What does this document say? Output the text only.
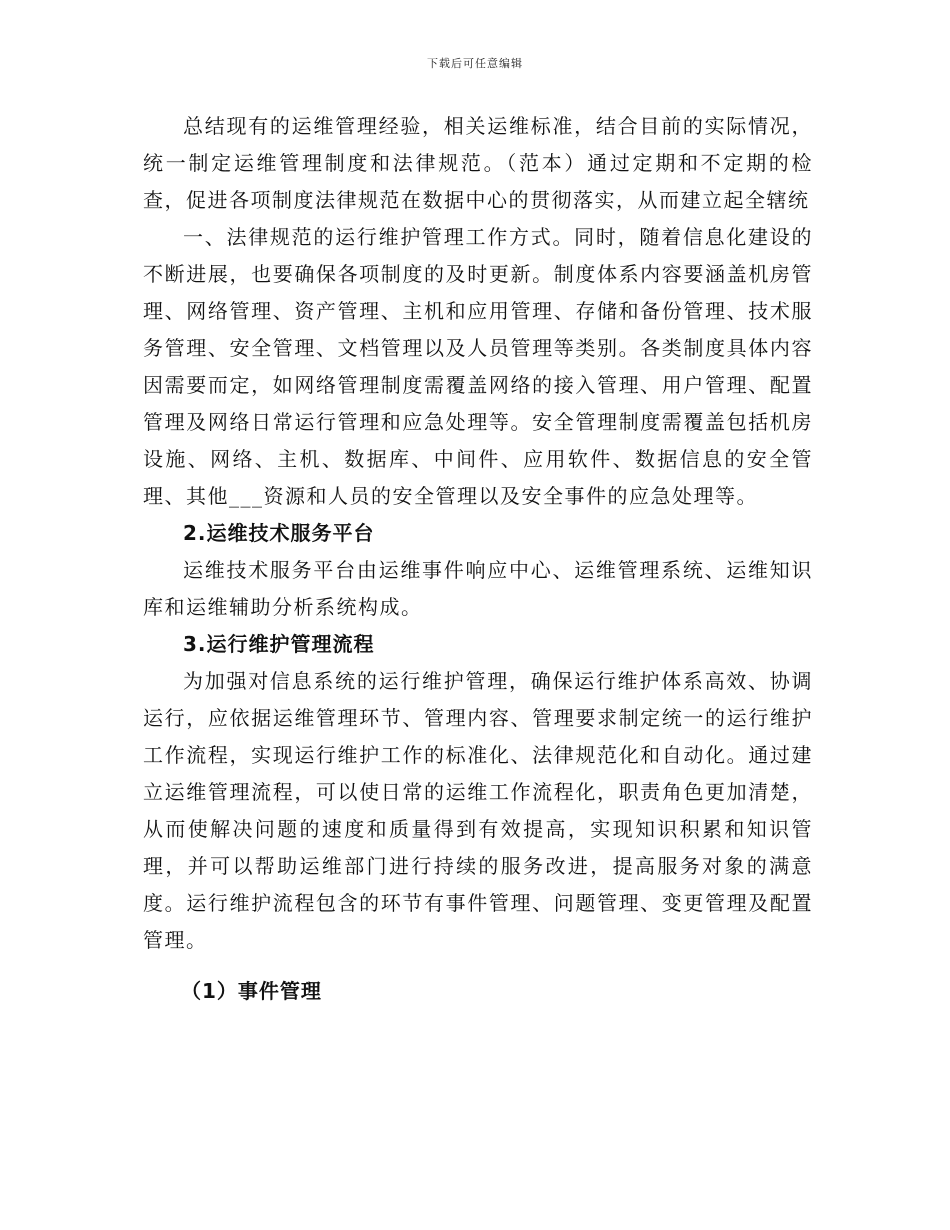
下载后可任意编辑

总结现有的运维管理经验，相关运维标准，结合目前的实际情况，统一制定运维管理制度和法律规范。（范本）通过定期和不定期的检查，促进各项制度法律规范在数据中心的贯彻落实，从而建立起全辖统

一、法律规范的运行维护管理工作方式。同时，随着信息化建设的不断进展，也要确保各项制度的及时更新。制度体系内容要涵盖机房管理、网络管理、资产管理、主机和应用管理、存储和备份管理、技术服务管理、安全管理、文档管理以及人员管理等类别。各类制度具体内容因需要而定，如网络管理制度需覆盖网络的接入管理、用户管理、配置管理及网络日常运行管理和应急处理等。安全管理制度需覆盖包括机房设施、网络、主机、数据库、中间件、应用软件、数据信息的安全管理、其他___资源和人员的安全管理以及安全事件的应急处理等。

2.运维技术服务平台

运维技术服务平台由运维事件响应中心、运维管理系统、运维知识库和运维辅助分析系统构成。

3.运行维护管理流程

为加强对信息系统的运行维护管理，确保运行维护体系高效、协调运行，应依据运维管理环节、管理内容、管理要求制定统一的运行维护工作流程，实现运行维护工作的标准化、法律规范化和自动化。通过建立运维管理流程，可以使日常的运维工作流程化，职责角色更加清楚，从而使解决问题的速度和质量得到有效提高，实现知识积累和知识管理，并可以帮助运维部门进行持续的服务改进，提高服务对象的满意度。运行维护流程包含的环节有事件管理、问题管理、变更管理及配置管理。

（1）事件管理
